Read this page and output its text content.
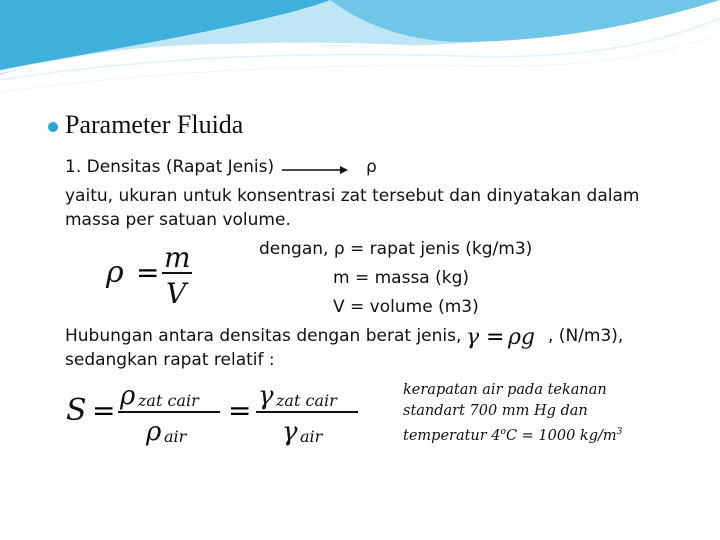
Parameter Fluida
1. Densitas (Rapat Jenis)	ρ
yaitu, ukuran untuk konsentrasi zat tersebut dan dinyatakan dalam
massa per satuan volume.
ρ = m
V
dengan, ρ = rapat jenis (kg/m3)
m = massa (kg)
V = volume (m3)
Hubungan antara densitas dengan berat jenis, γ = ρg , (N/m3),
sedangkan rapat relatif :
S = ρ zat cair
ρ air
= γ zat cair
γ air
kerapatan air pada tekanan
standart 700 mm Hg dan
temperatur $4^oC = 1000$ $kg/m^3$
